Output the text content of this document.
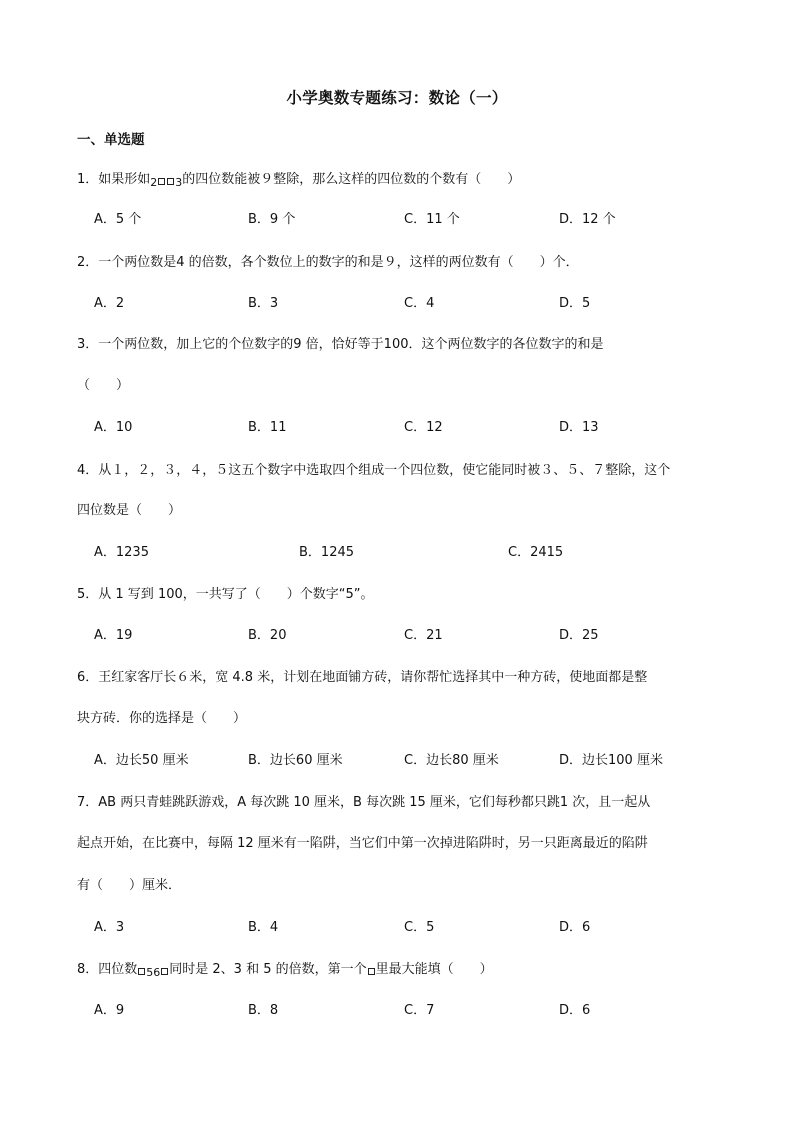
小学奥数专题练习：数论（一）
一、单选题
1．如果形如$_2$ $_3$的四位数能被９整除，那么这样的四位数的个数有（　　）
A．5 个	B．9 个	C．11 个	D．12 个
2．一个两位数是4 的倍数，各个数位上的数字的和是９，这样的两位数有（　　）个．
A．2	B．3	C．4	D．5
3．一个两位数，加上它的个位数字的9 倍，恰好等于100．这个两位数字的各位数字的和是
（　　）
A．10	B．11	C．12	D．13
4．从１，２，３，４，５这五个数字中选取四个组成一个四位数，使它能同时被３、５、７整除，这个
四位数是（　　）
A．1235	B．1245	C．2415
5．从 1 写到 100，一共写了（　　）个数字“5”。
A．19	B．20	C．21	D．25
6．王红家客厅长６米，宽 4.8 米，计划在地面铺方砖，请你帮忙选择其中一种方砖，使地面都是整
块方砖．你的选择是（　　）
A．边长50 厘米	B．边长60 厘米	C．边长80 厘米	D．边长100 厘米
7．AB 两只青蛙跳跃游戏，A 每次跳 10 厘米，B 每次跳 15 厘米，它们每秒都只跳1 次，且一起从
起点开始，在比赛中，每隔 12 厘米有一陷阱，当它们中第一次掉进陷阱时，另一只距离最近的陷阱
有（　　）厘米．
A．3	B．4	C．5	D．6
8．四位数 $_{56}$ 同时是 2、3 和 5 的倍数，第一个 里最大能填（　　）
A．9	B．8	C．7	D．6
